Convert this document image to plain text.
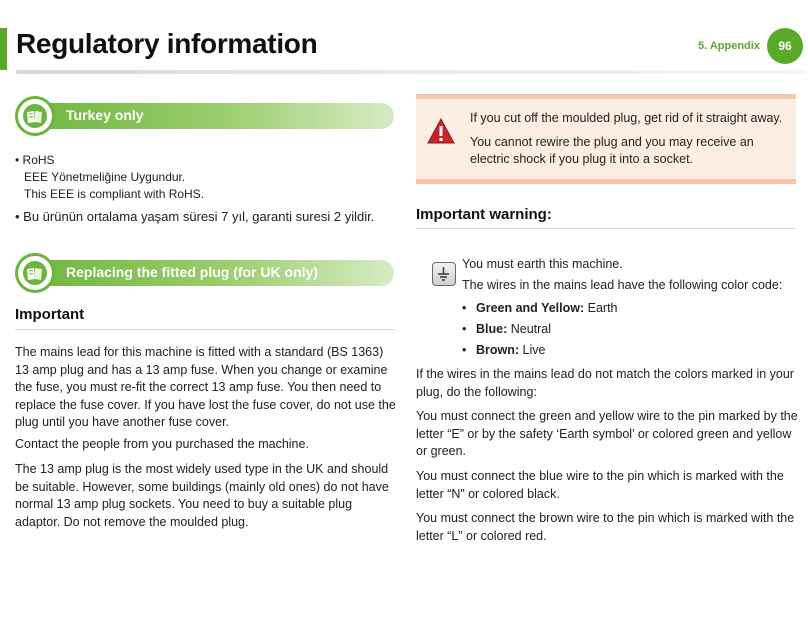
Regulatory information	5. Appendix	96
Turkey only
• RoHS
EEE Yönetmeliğine Uygundur.
This EEE is compliant with RoHS.
• Bu ürünün ortalama yaşam süresi 7 yıl, garanti suresi 2 yildir.
Replacing the fitted plug (for UK only)
Important
The mains lead for this machine is fitted with a standard (BS 1363) 13 amp plug and has a 13 amp fuse. When you change or examine the fuse, you must re-fit the correct 13 amp fuse. You then need to replace the fuse cover. If you have lost the fuse cover, do not use the plug until you have another fuse cover.
Contact the people from you purchased the machine.
The 13 amp plug is the most widely used type in the UK and should be suitable. However, some buildings (mainly old ones) do not have normal 13 amp plug sockets. You need to buy a suitable plug adaptor. Do not remove the moulded plug.

If you cut off the moulded plug, get rid of it straight away.

You cannot rewire the plug and you may receive an electric shock if you plug it into a socket.

Important warning:
You must earth this machine.
The wires in the mains lead have the following color code:
• Green and Yellow: Earth
• Blue: Neutral
• Brown: Live
If the wires in the mains lead do not match the colors marked in your plug, do the following:
You must connect the green and yellow wire to the pin marked by the letter “E” or by the safety ‘Earth symbol’ or colored green and yellow or green.
You must connect the blue wire to the pin which is marked with the letter “N” or colored black.
You must connect the brown wire to the pin which is marked with the letter “L” or colored red.
